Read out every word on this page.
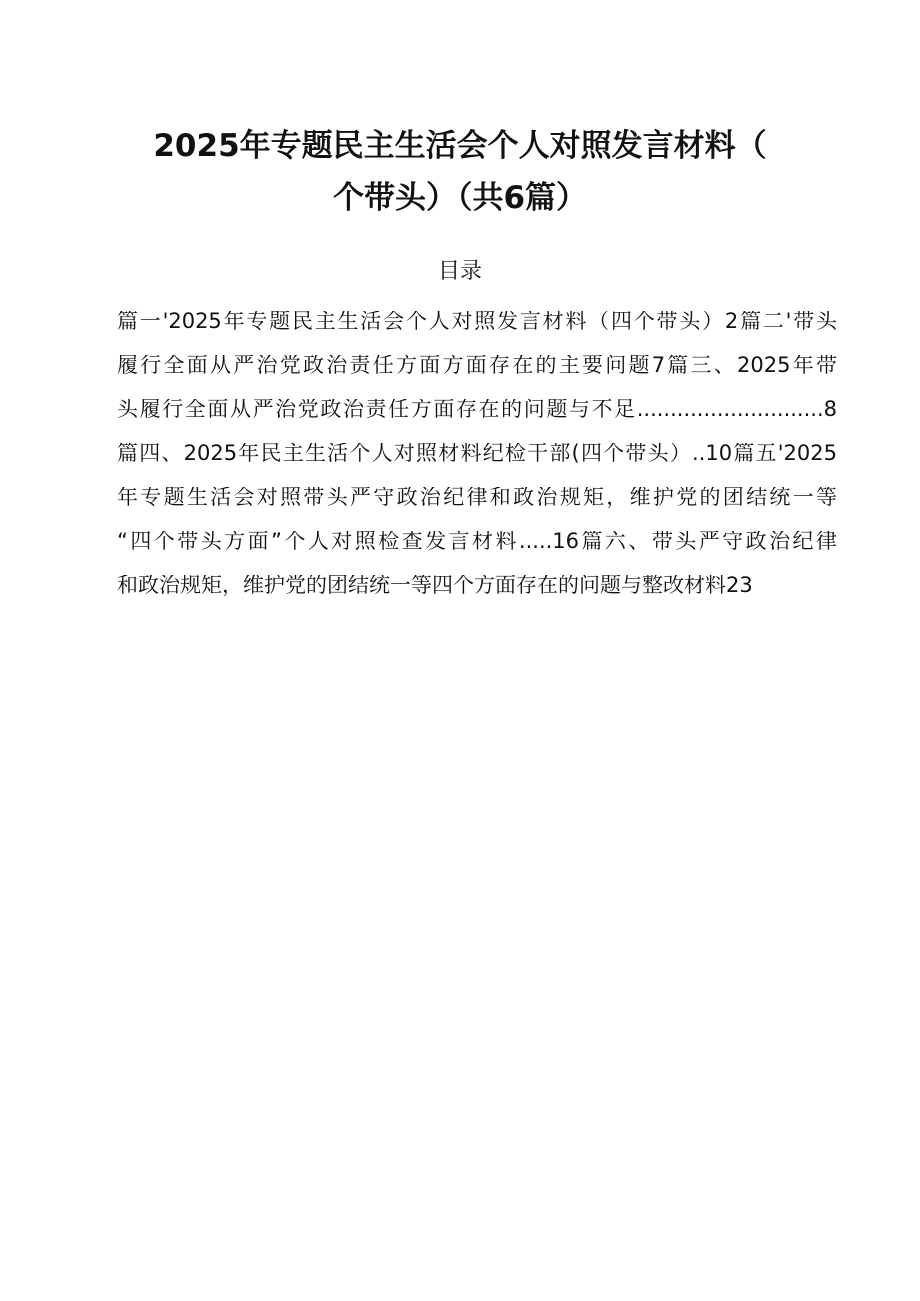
2025年专题民主生活会个人对照发言材料（
个带头）（共6篇）
目录
篇一'2025年专题民主生活会个人对照发言材料（四个带头）2篇二'带头
履行全面从严治党政治责任方面方面存在的主要问题7篇三、2025年带
头履行全面从严治党政治责任方面存在的问题与不足............................8
篇四、2025年民主生活个人对照材料纪检干部(四个带头）..10篇五'2025
年专题生活会对照带头严守政治纪律和政治规矩，维护党的团结统一等
“四个带头方面”个人对照检查发言材料.....16篇六、带头严守政治纪律
和政治规矩，维护党的团结统一等四个方面存在的问题与整改材料23
